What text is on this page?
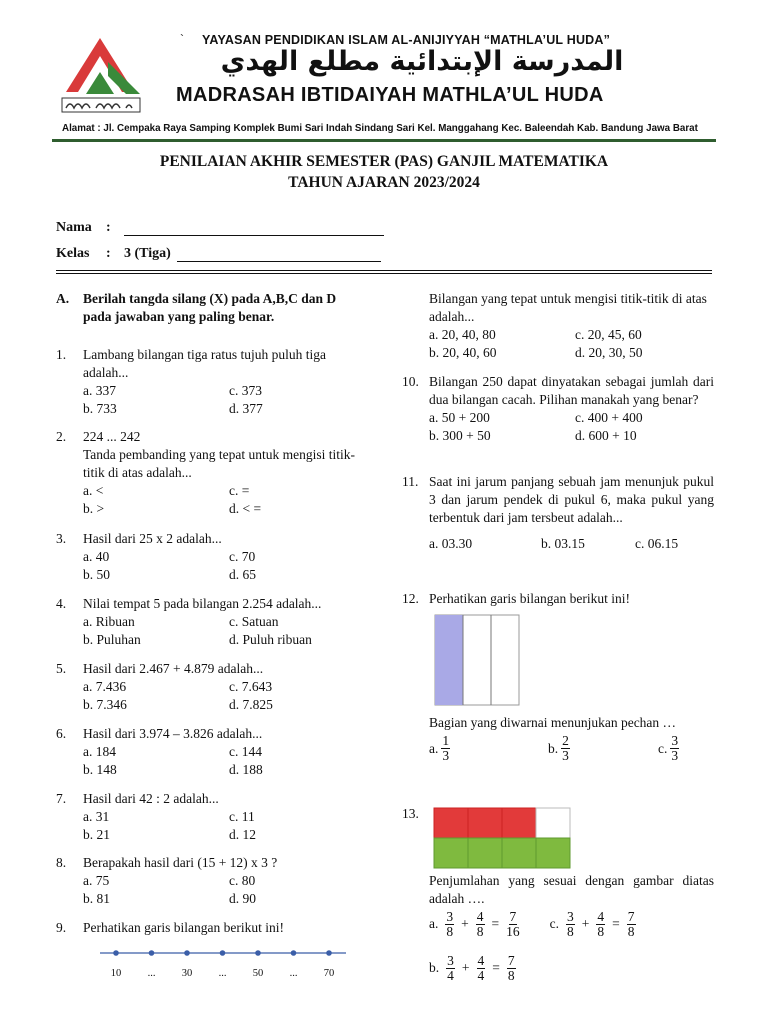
` YAYASAN PENDIDIKAN ISLAM AL-ANIJIYYAH “MATHLA’UL HUDA”
المدرسة الإبتدائية مطلع الهدي
MADRASAH IBTIDAIYAH MATHLA’UL HUDA
Alamat : Jl. Cempaka Raya Samping Komplek Bumi Sari Indah Sindang Sari Kel. Manggahang Kec. Baleendah Kab. Bandung Jawa Barat
PENILAIAN AKHIR SEMESTER (PAS) GANJIL MATEMATIKA
TAHUN AJARAN 2023/2024
Nama :
Kelas : 3 (Tiga)
A. Berilah tangda silang (X) pada A,B,C dan D pada jawaban yang paling benar.
1. Lambang bilangan tiga ratus tujuh puluh tiga adalah...
a. 337	c. 373
b. 733	d. 377
2. 224 ... 242
Tanda pembanding yang tepat untuk mengisi titik-titik di atas adalah...
a. <	c. =
b. >	d. < =
3. Hasil dari 25 x 2 adalah...
a. 40	c. 70
b. 50	d. 65
4. Nilai tempat 5 pada bilangan 2.254 adalah...
a. Ribuan	c. Satuan
b. Puluhan	d. Puluh ribuan
5. Hasil dari 2.467 + 4.879 adalah...
a. 7.436	c. 7.643
b. 7.346	d. 7.825
6. Hasil dari 3.974 – 3.826 adalah...
a. 184	c. 144
b. 148	d. 188
7. Hasil dari 42 : 2 adalah...
a. 31	c. 11
b. 21	d. 12
8. Berapakah hasil dari (15 + 12) x 3 ?
a. 75	c. 80
b. 81	d. 90
9. Perhatikan garis bilangan berikut ini!
10	...	30	...	50	...	70
Bilangan yang tepat untuk mengisi titik-titik di atas adalah...
a. 20, 40, 80	c. 20, 45, 60
b. 20, 40, 60	d. 20, 30, 50
10. Bilangan 250 dapat dinyatakan sebagai jumlah dari dua bilangan cacah. Pilihan manakah yang benar?
a. 50 + 200	c. 400 + 400
b. 300 + 50	d. 600 + 10
11. Saat ini jarum panjang sebuah jam menunjuk pukul 3 dan jarum pendek di pukul 6, maka pukul yang terbentuk dari jam tersbeut adalah...
a. 03.30	b. 03.15	c. 06.15
12. Perhatikan garis bilangan berikut ini!
Bagian yang diwarnai menunjukan pechan …
a. $\frac{1}{3}$	b. $\frac{2}{3}$	c. $\frac{3}{3}$
13.
Penjumlahan yang sesuai dengan gambar diatas adalah ….
a. $\frac{3}{8} + \frac{4}{8} = \frac{7}{16} c$. $\frac{3}{8} + \frac{4}{8} = \frac{7}{8}$
b. $\frac{3}{4} + \frac{4}{4} = \frac{7}{8}$
